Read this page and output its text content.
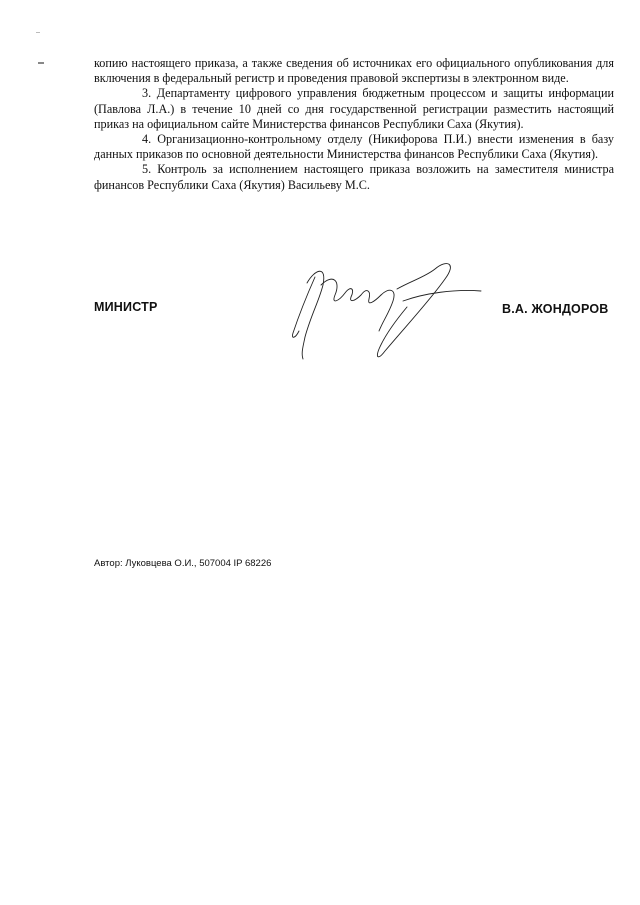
копию настоящего приказа, а также сведения об источниках его официального опубликования для включения в федеральный регистр и проведения правовой экспертизы в электронном виде.

3. Департаменту цифрового управления бюджетным процессом и защиты информации (Павлова Л.А.) в течение 10 дней со дня государственной регистрации разместить настоящий приказ на официальном сайте Министерства финансов Республики Саха (Якутия).

4. Организационно-контрольному отделу (Никифорова П.И.) внести изменения в базу данных приказов по основной деятельности Министерства финансов Республики Саха (Якутия).

5. Контроль за исполнением настоящего приказа возложить на заместителя министра финансов Республики Саха (Якутия) Васильеву М.С.

МИНИСТР	В.А. ЖОНДОРОВ
Автор: Луковцева О.И., 507004 IP 68226
